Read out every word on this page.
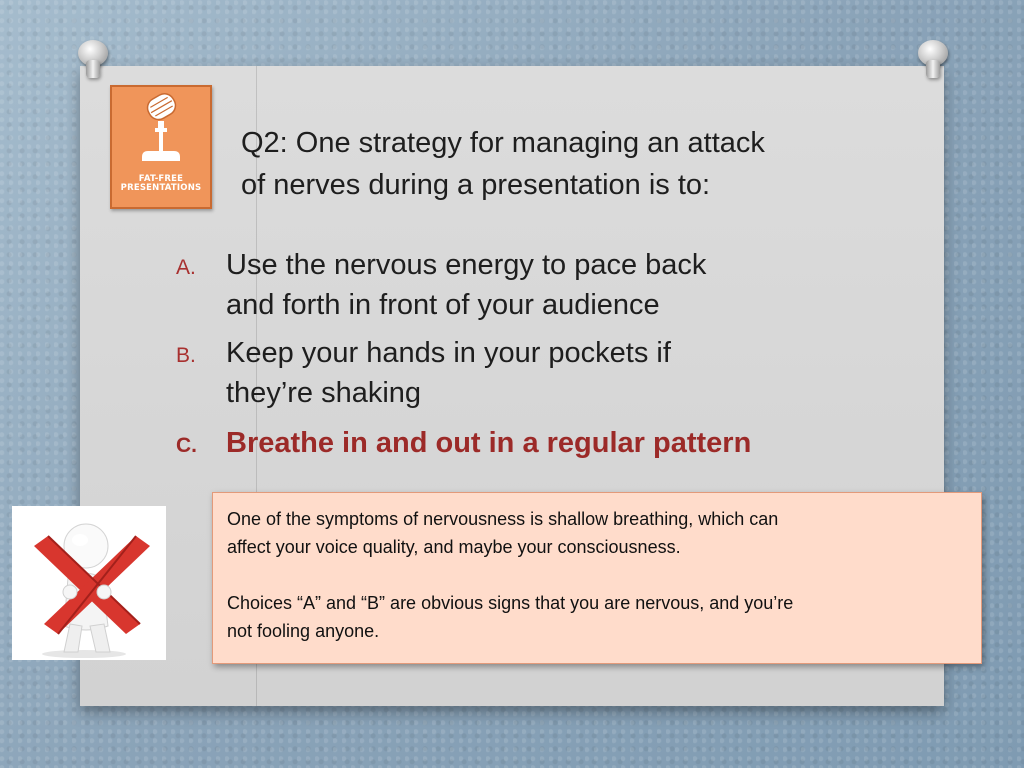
FAT-FREE
PRESENTATIONS
Q2: One strategy for managing an attack
of nerves during a presentation is to:
A. Use the nervous energy to pace back
and forth in front of your audience
B. Keep your hands in your pockets if
they’re shaking
C. Breathe in and out in a regular pattern

One of the symptoms of nervousness is shallow breathing, which can
affect your voice quality, and maybe your consciousness.

Choices “A” and “B” are obvious signs that you are nervous, and you’re
not fooling anyone.
